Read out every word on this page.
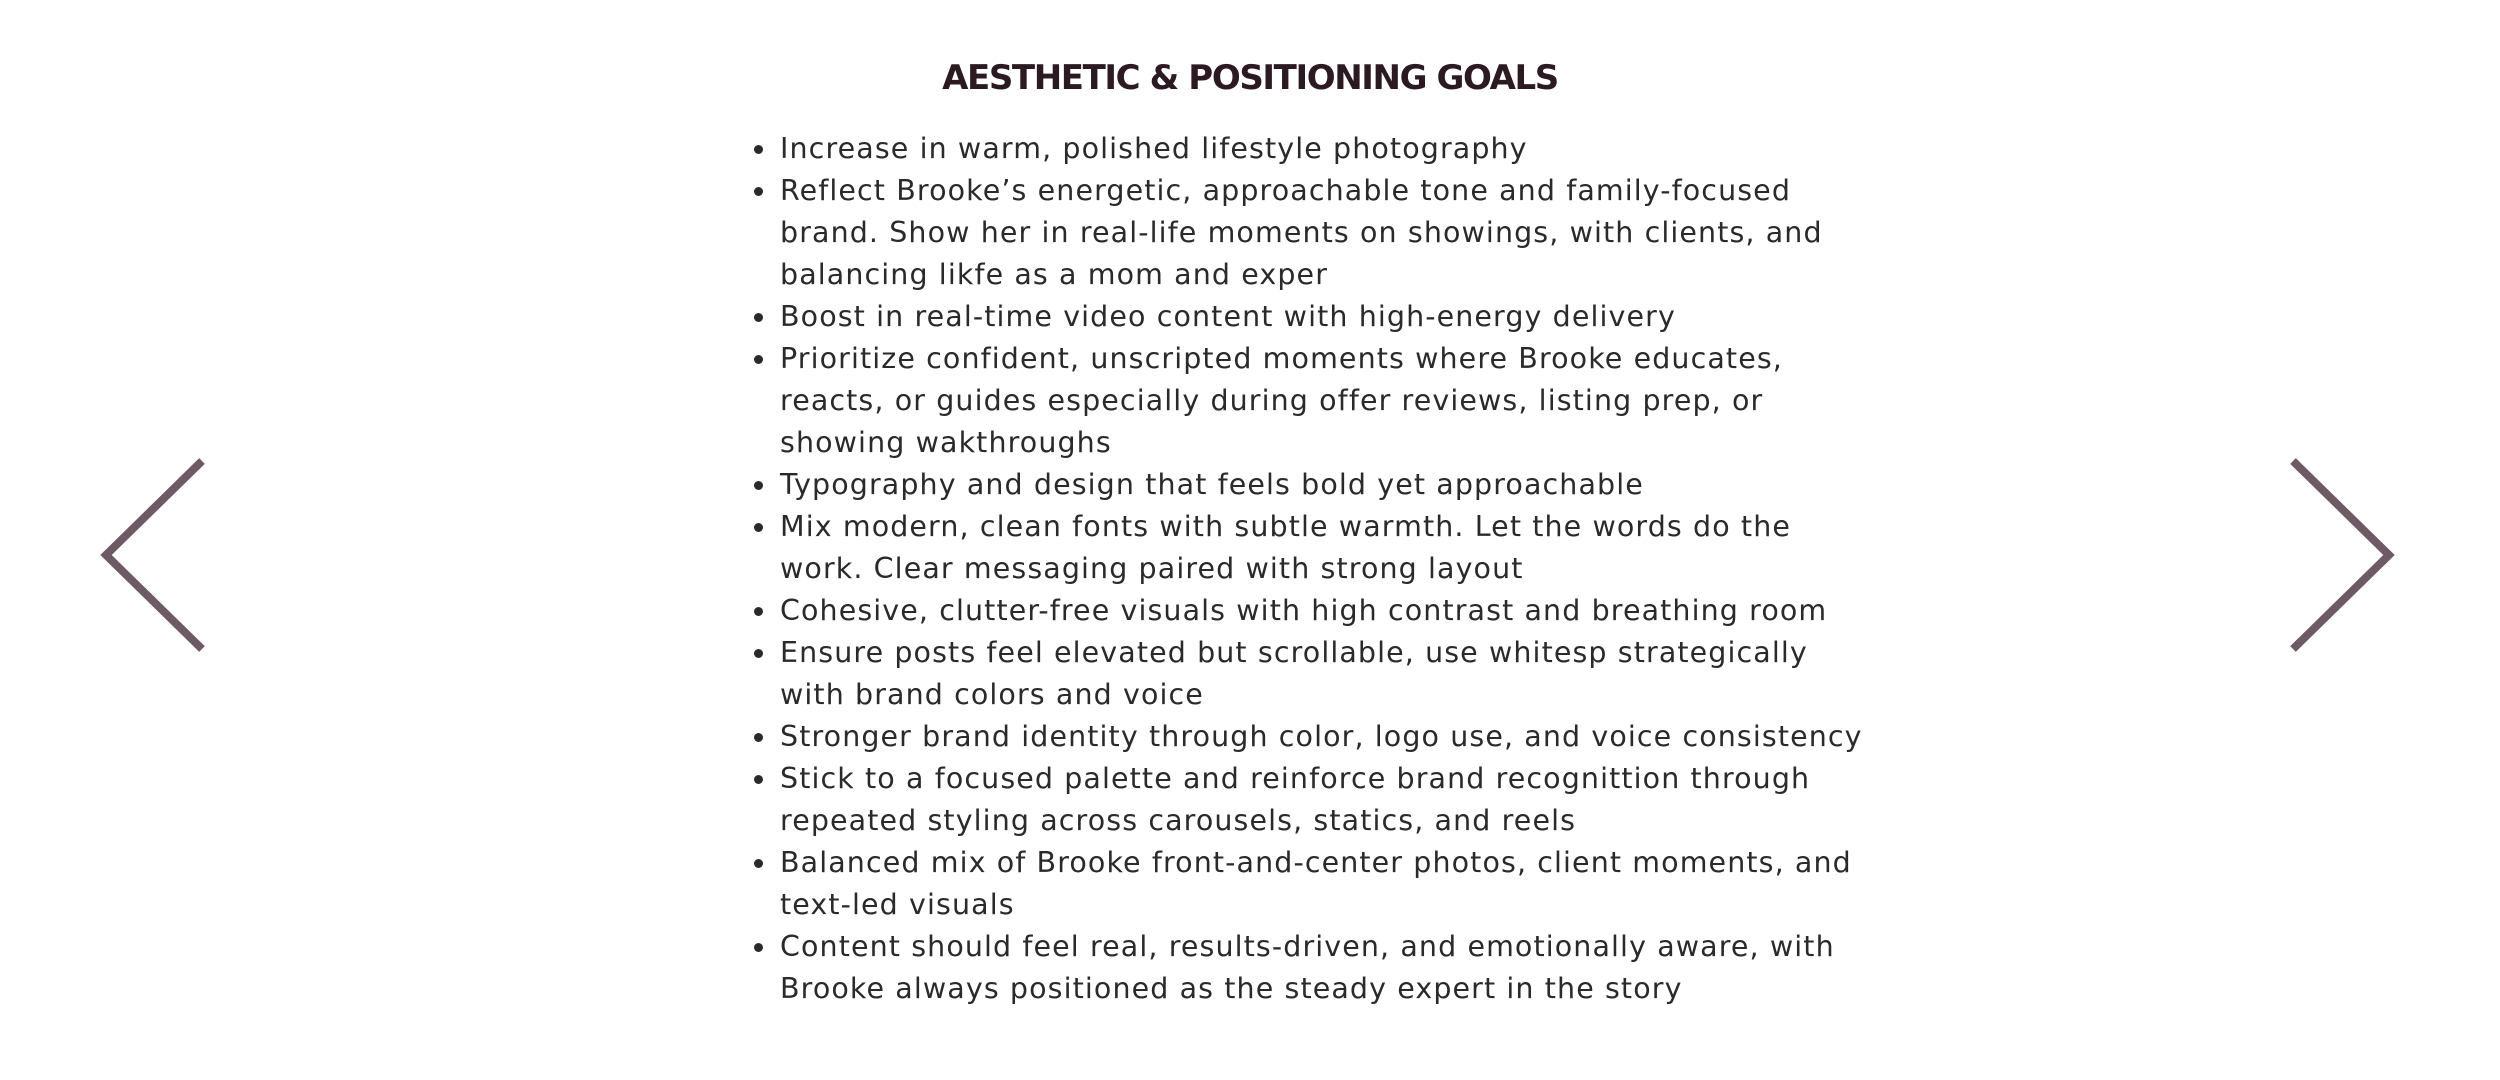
AESTHETIC & POSITIONING GOALS
Increase in warm, polished lifestyle photography
Reflect Brooke’s energetic, approachable tone and family-focused
brand. Show her in real-life moments on showings, with clients, and
balancing likfe as a mom and exper
Boost in real-time video content with high-energy delivery
Prioritize confident, unscripted moments where Brooke educates,
reacts, or guides especially during offer reviews, listing prep, or
showing wakthroughs
Typography and design that feels bold yet approachable
Mix modern, clean fonts with subtle warmth. Let the words do the
work. Clear messaging paired with strong layout
Cohesive, clutter-free visuals with high contrast and breathing room
Ensure posts feel elevated but scrollable, use whitesp strategically
with brand colors and voice
Stronger brand identity through color, logo use, and voice consistency
Stick to a focused palette and reinforce brand recognittion through
repeated styling across carousels, statics, and reels
Balanced mix of Brooke front-and-center photos, client moments, and
text-led visuals
Content should feel real, results-driven, and emotionally aware, with
Brooke always positioned as the steady expert in the story
